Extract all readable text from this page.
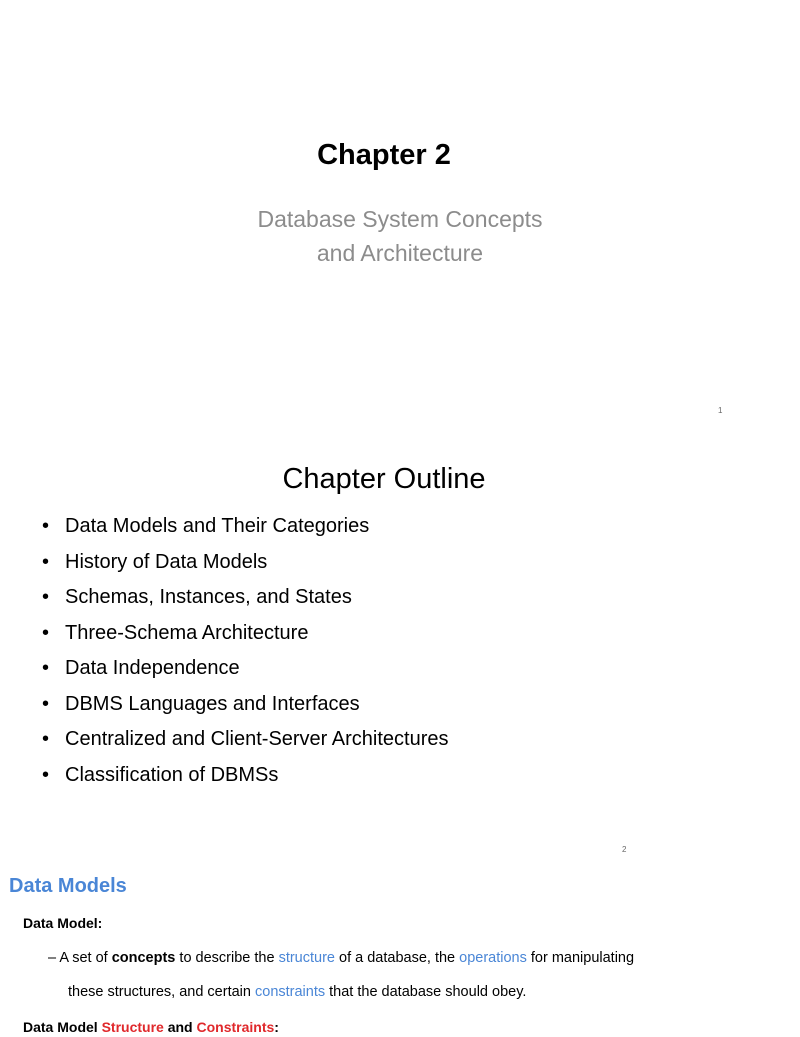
Chapter 2
Database System Concepts
and Architecture
1
Chapter Outline
• Data Models and Their Categories
• History of Data Models
• Schemas, Instances, and States
• Three-Schema Architecture
• Data Independence
• DBMS Languages and Interfaces
• Centralized and Client-Server Architectures
• Classification of DBMSs
2
Data Models
Data Model:
– A set of concepts to describe the structure of a database, the operations for manipulating
these structures, and certain constraints that the database should obey.
Data Model Structure and Constraints:
